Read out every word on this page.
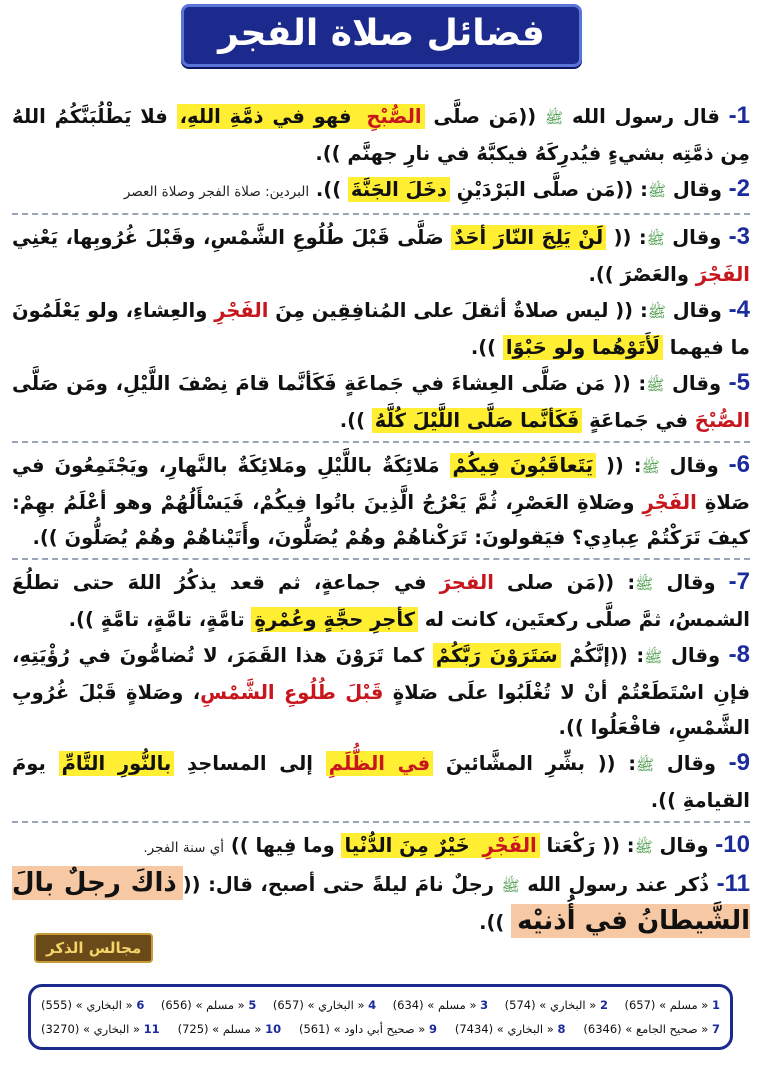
فضائل صلاة الفجر
1- قال رسول الله ﷺ ((مَن صلَّى الصُّبْحِ فهو في ذمَّةِ اللهِ، فلا يَطْلُبَنَّكُمُ اللهُ مِن ذمَّتِه بشيءٍ فيُدرِكَهُ فيكبَّهُ في نارِ جهنَّم )).
2- وقال ﷺ: ((مَن صلَّى البَرْدَيْنِ دخَلَ الجَنَّةَ )). البردين: صلاة الفجر وصلاة العصر
3- وقال ﷺ: (( لَنْ يَلِجَ النّارَ أحَدٌ صَلَّى قَبْلَ طُلُوعِ الشَّمْسِ، وقَبْلَ غُرُوبِها، يَعْنِي الفَجْرَ والعَصْرَ )).
4- وقال ﷺ: (( ليس صلاةٌ أثقلَ على المُنافِقِين مِنَ الفَجْرِ والعِشاءِ، ولو يَعْلَمُونَ ما فيهما لَأَتَوْهُما ولو حَبْوًا )).
5- وقال ﷺ: (( مَن صَلَّى العِشاءَ في جَماعَةٍ فَكَأنَّما قامَ نِصْفَ اللَّيْلِ، ومَن صَلَّى الصُّبْحَ في جَماعَةٍ فَكَأنَّما صَلَّى اللَّيْلَ كُلَّهُ )).
6- وقال ﷺ: (( يَتَعاقَبُونَ فِيكُمْ مَلائِكَةٌ باللَّيْلِ ومَلائِكَةٌ بالنَّهارِ، ويَجْتَمِعُونَ في صَلاةِ الفَجْرِ وصَلاةِ العَصْرِ، ثُمَّ يَعْرُجُ الَّذِينَ باتُوا فِيكُمْ، فَيَسْأَلُهُمْ وهو أعْلَمُ بهِمْ: كيفَ تَرَكْتُمْ عِبادِي؟ فيَقولونَ: تَرَكْناهُمْ وهُمْ يُصَلُّونَ، وأَتَيْناهُمْ وهُمْ يُصَلُّونَ )).
7- وقال ﷺ: ((مَن صلى الفجرَ في جماعةٍ، ثم قعد يذكُرُ اللهَ حتى تطلُعَ الشمسُ، ثمَّ صلَّى ركعتَين، كانت له كأجرِ حجَّةٍ وعُمْرةٍ تامَّةٍ، تامَّةٍ، تامَّةٍ )).
8- وقال ﷺ: ((إنَّكُمْ سَتَرَوْنَ رَبَّكُمْ كما تَرَوْنَ هذا القَمَرَ، لا تُضامُّونَ في رُؤْيَتِهِ، فإنِ اسْتَطَعْتُمْ أنْ لا تُغْلَبُوا علَى صَلاةٍ قَبْلَ طُلُوعِ الشَّمْسِ، وصَلاةٍ قَبْلَ غُرُوبِ الشَّمْسِ، فافْعَلُوا )).
9- وقال ﷺ: (( بشِّرِ المشَّائينَ في الظُّلَمِ إلى المساجدِ بالنُّورِ التَّامِّ يومَ القيامةِ )).
10- وقال ﷺ: (( رَكْعَتا الفَجْرِ خَيْرٌ مِنَ الدُّنْيا وما فِيها )) أي سنة الفجر.
11- ذُكر عند رسول الله ﷺ رجلٌ نامَ ليلةً حتى أصبح، قال: ((ذاكَ رجلٌ بالَ الشَّيطانُ في أُذنيْه )).
مجالس الذكر
1 « مسلم » (657)
2 « البخاري » (574)
3 « مسلم » (634)
4 « البخاري » (657)
5 « مسلم » (656)
6 « البخاري » (555)
7 « صحيح الجامع » (6346)
8 « البخاري » (7434)
9 « صحيح أبي داود » (561)
10 « مسلم » (725)
11 « البخاري » (3270)
